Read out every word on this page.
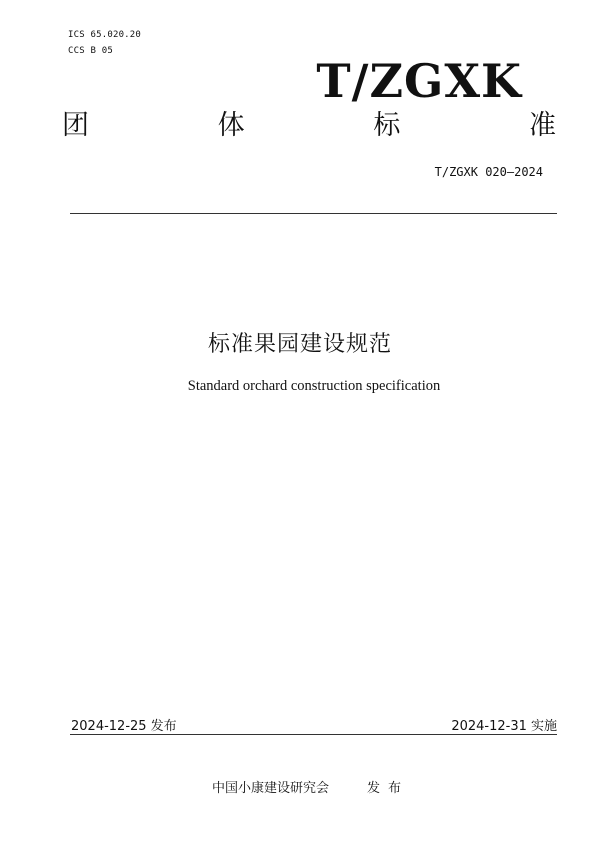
ICS 65.020.20
CCS B 05
T/ZGXK
团	体	标	准
T/ZGXK 020—2024
标准果园建设规范
Standard orchard construction specification
2024-12-25 发布	2024-12-31 实施
中国小康建设研究会	发布
